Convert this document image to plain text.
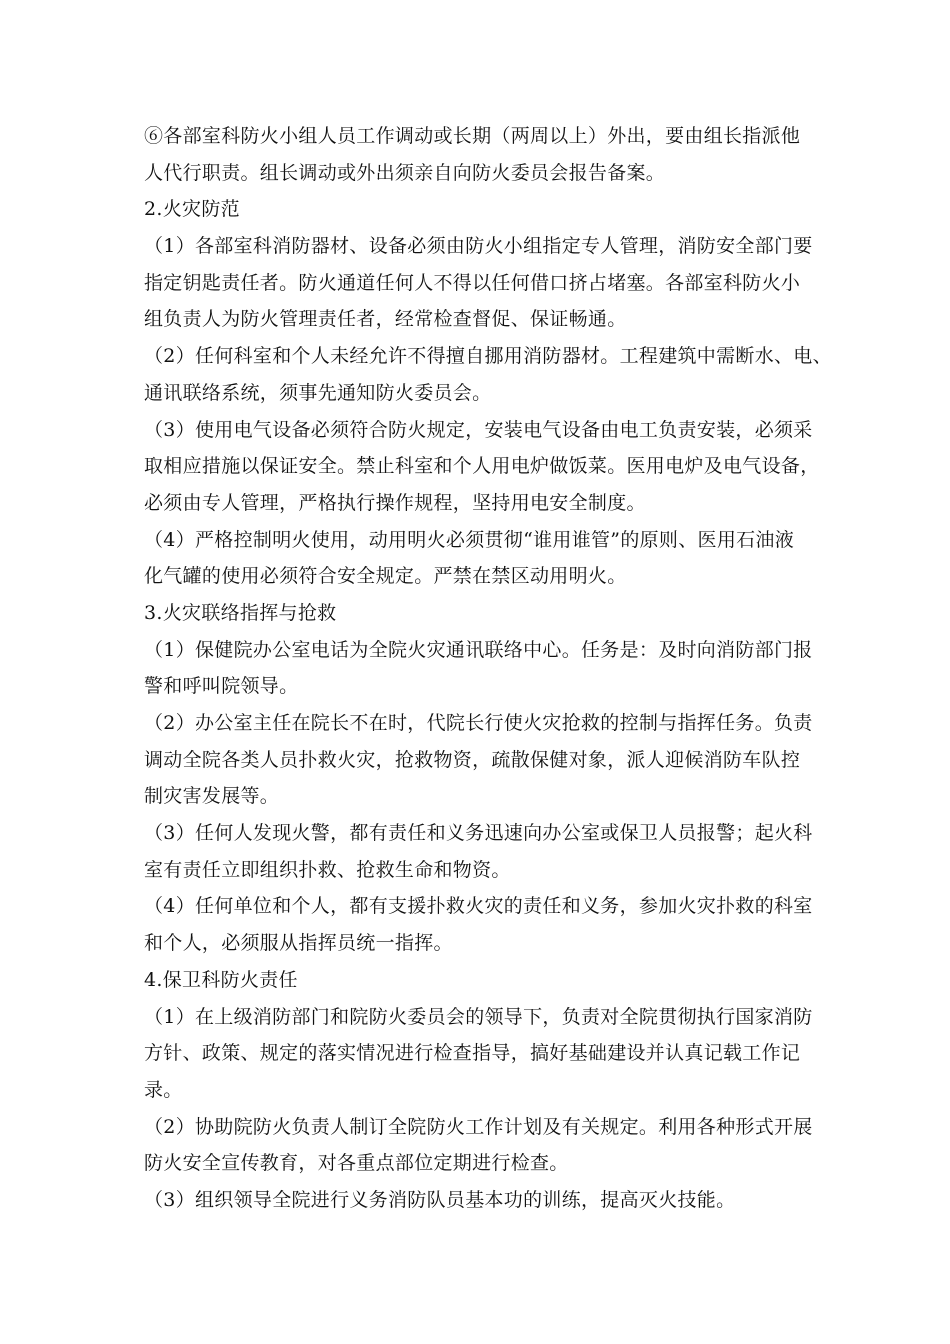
⑥各部室科防火小组人员工作调动或长期（两周以上）外出，要由组长指派他
人代行职责。组长调动或外出须亲自向防火委员会报告备案。
2.火灾防范
（1）各部室科消防器材、设备必须由防火小组指定专人管理，消防安全部门要
指定钥匙责任者。防火通道任何人不得以任何借口挤占堵塞。各部室科防火小
组负责人为防火管理责任者，经常检查督促、保证畅通。
（2）任何科室和个人未经允许不得擅自挪用消防器材。工程建筑中需断水、电、
通讯联络系统，须事先通知防火委员会。
（3）使用电气设备必须符合防火规定，安装电气设备由电工负责安装，必须采
取相应措施以保证安全。禁止科室和个人用电炉做饭菜。医用电炉及电气设备，
必须由专人管理，严格执行操作规程，坚持用电安全制度。
（4）严格控制明火使用，动用明火必须贯彻“谁用谁管”的原则、医用石油液
化气罐的使用必须符合安全规定。严禁在禁区动用明火。
3.火灾联络指挥与抢救
（1）保健院办公室电话为全院火灾通讯联络中心。任务是：及时向消防部门报
警和呼叫院领导。
（2）办公室主任在院长不在时，代院长行使火灾抢救的控制与指挥任务。负责
调动全院各类人员扑救火灾，抢救物资，疏散保健对象，派人迎候消防车队控
制灾害发展等。
（3）任何人发现火警，都有责任和义务迅速向办公室或保卫人员报警；起火科
室有责任立即组织扑救、抢救生命和物资。
（4）任何单位和个人，都有支援扑救火灾的责任和义务，参加火灾扑救的科室
和个人，必须服从指挥员统一指挥。
4.保卫科防火责任
（1）在上级消防部门和院防火委员会的领导下，负责对全院贯彻执行国家消防
方针、政策、规定的落实情况进行检查指导，搞好基础建设并认真记载工作记
录。
（2）协助院防火负责人制订全院防火工作计划及有关规定。利用各种形式开展
防火安全宣传教育，对各重点部位定期进行检查。
（3）组织领导全院进行义务消防队员基本功的训练，提高灭火技能。
